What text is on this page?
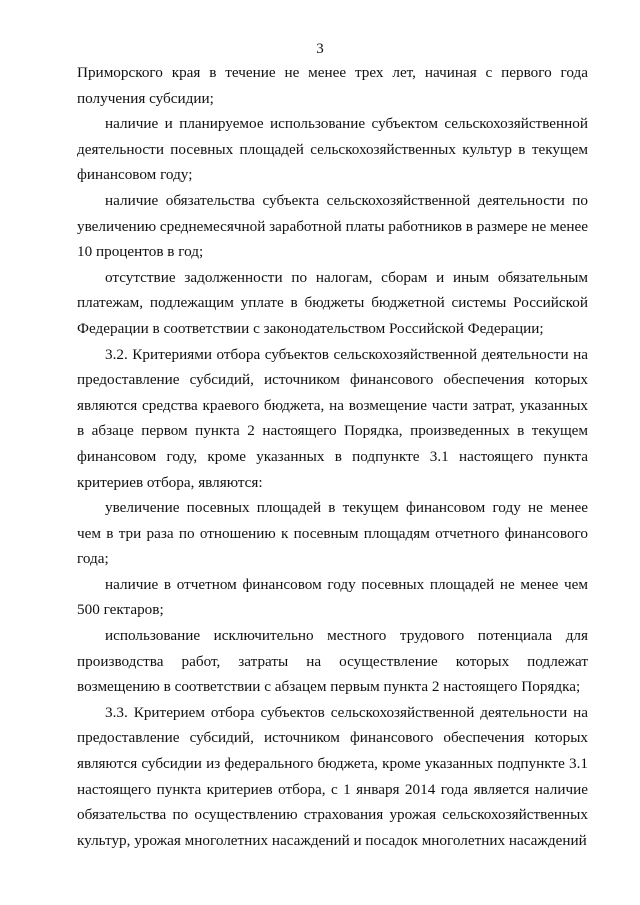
3

Приморского края в течение не менее трех лет, начиная с первого года получения субсидии;

наличие и планируемое использование субъектом сельскохозяйственной деятельности посевных площадей сельскохозяйственных культур в текущем финансовом году;

наличие обязательства субъекта сельскохозяйственной деятельности по увеличению среднемесячной заработной платы работников в размере не менее 10 процентов в год;

отсутствие задолженности по налогам, сборам и иным обязательным платежам, подлежащим уплате в бюджеты бюджетной системы Российской Федерации в соответствии с законодательством Российской Федерации;

3.2. Критериями отбора субъектов сельскохозяйственной деятельности на предоставление субсидий, источником финансового обеспечения которых являются средства краевого бюджета, на возмещение части затрат, указанных в абзаце первом пункта 2 настоящего Порядка, произведенных в текущем финансовом году, кроме указанных в подпункте 3.1 настоящего пункта критериев отбора, являются:

увеличение посевных площадей в текущем финансовом году не менее чем в три раза по отношению к посевным площадям отчетного финансового года;

наличие в отчетном финансовом году посевных площадей не менее чем 500 гектаров;

использование исключительно местного трудового потенциала для производства работ, затраты на осуществление которых подлежат возмещению в соответствии с абзацем первым пункта 2 настоящего Порядка;

3.3. Критерием отбора субъектов сельскохозяйственной деятельности на предоставление субсидий, источником финансового обеспечения которых являются субсидии из федерального бюджета, кроме указанных подпункте 3.1 настоящего пункта критериев отбора, с 1 января 2014 года является наличие обязательства по осуществлению страхования урожая сельскохозяйственных культур, урожая многолетних насаждений и посадок многолетних насаждений
